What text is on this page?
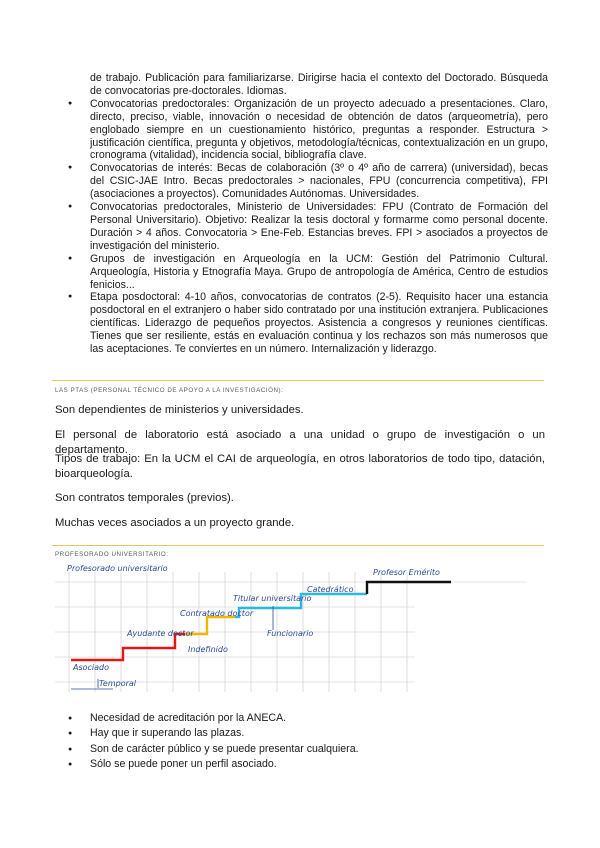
de trabajo. Publicación para familiarizarse. Dirigirse hacia el contexto del Doctorado. Búsqueda de convocatorias pre-doctorales. Idiomas.
● Convocatorias predoctorales: Organización de un proyecto adecuado a presentaciones. Claro, directo, preciso, viable, innovación o necesidad de obtención de datos (arqueometría), pero englobado siempre en un cuestionamiento histórico, preguntas a responder. Estructura > justificación científica, pregunta y objetivos, metodología/técnicas, contextualización en un grupo, cronograma (vitalidad), incidencia social, bibliografía clave.
● Convocatorias de interés: Becas de colaboración (3º o 4º año de carrera) (universidad), becas del CSIC-JAE Intro. Becas predoctorales > nacionales, FPU (concurrencia competitiva), FPI (asociaciones a proyectos). Comunidades Autónomas. Universidades.
● Convocatorias predoctorales, Ministerio de Universidades: FPU (Contrato de Formación del Personal Universitario). Objetivo: Realizar la tesis doctoral y formarme como personal docente. Duración > 4 años. Convocatoria > Ene-Feb. Estancias breves. FPI > asociados a proyectos de investigación del ministerio.
● Grupos de investigación en Arqueología en la UCM: Gestión del Patrimonio Cultural. Arqueología, Historia y Etnografía Maya. Grupo de antropología de América, Centro de estudios fenicios...
● Etapa posdoctoral: 4-10 años, convocatorias de contratos (2-5). Requisito hacer una estancia posdoctoral en el extranjero o haber sido contratado por una institución extranjera. Publicaciones científicas. Liderazgo de pequeños proyectos. Asistencia a congresos y reuniones científicas. Tienes que ser resiliente, estás en evaluación continua y los rechazos son más numerosos que las aceptaciones. Te conviertes en un número. Internalización y liderazgo.
LAS PTAS (PERSONAL TÉCNICO DE APOYO A LA INVESTIGACIÓN):

Son dependientes de ministerios y universidades.

El personal de laboratorio está asociado a una unidad o grupo de investigación o un departamento.

Tipos de trabajo: En la UCM el CAI de arqueología, en otros laboratorios de todo tipo, datación, bioarqueología.

Son contratos temporales (previos).

Muchas veces asociados a un proyecto grande.

PROFESORADO UNIVERSITARIO:
Profesorado universitario
Asociado
Temporal
Ayudante doctor
Contratado doctor
Indefinido
Titular universitario
Funcionario
Catedrático
Profesor Emérito
● Necesidad de acreditación por la ANECA.
● Hay que ir superando las plazas.
● Son de carácter público y se puede presentar cualquiera.
● Sólo se puede poner un perfil asociado.
